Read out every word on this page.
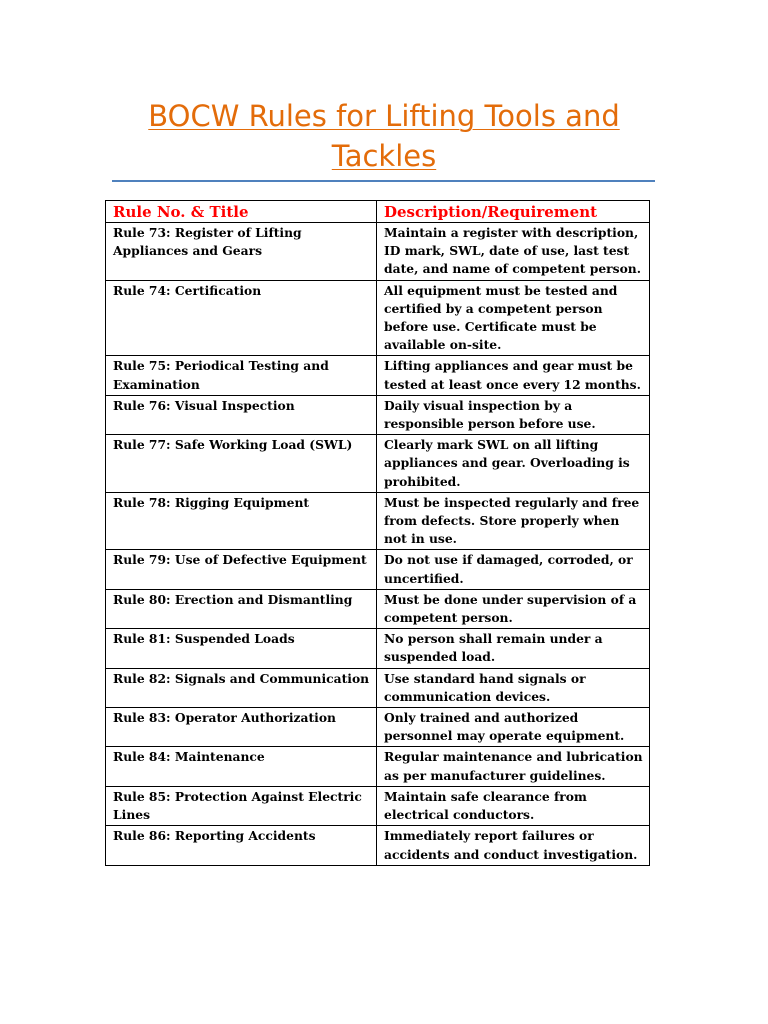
BOCW Rules for Lifting Tools and
Tackles
Rule No. & Title	Description/Requirement
Rule 73: Register of Lifting Appliances and Gears	Maintain a register with description, ID mark, SWL, date of use, last test date, and name of competent person.
Rule 74: Certification	All equipment must be tested and certified by a competent person before use. Certificate must be available on-site.
Rule 75: Periodical Testing and Examination	Lifting appliances and gear must be tested at least once every 12 months.
Rule 76: Visual Inspection	Daily visual inspection by a responsible person before use.
Rule 77: Safe Working Load (SWL)	Clearly mark SWL on all lifting appliances and gear. Overloading is prohibited.
Rule 78: Rigging Equipment	Must be inspected regularly and free from defects. Store properly when not in use.
Rule 79: Use of Defective Equipment	Do not use if damaged, corroded, or uncertified.
Rule 80: Erection and Dismantling	Must be done under supervision of a competent person.
Rule 81: Suspended Loads	No person shall remain under a suspended load.
Rule 82: Signals and Communication	Use standard hand signals or communication devices.
Rule 83: Operator Authorization	Only trained and authorized personnel may operate equipment.
Rule 84: Maintenance	Regular maintenance and lubrication as per manufacturer guidelines.
Rule 85: Protection Against Electric Lines	Maintain safe clearance from electrical conductors.
Rule 86: Reporting Accidents	Immediately report failures or accidents and conduct investigation.
